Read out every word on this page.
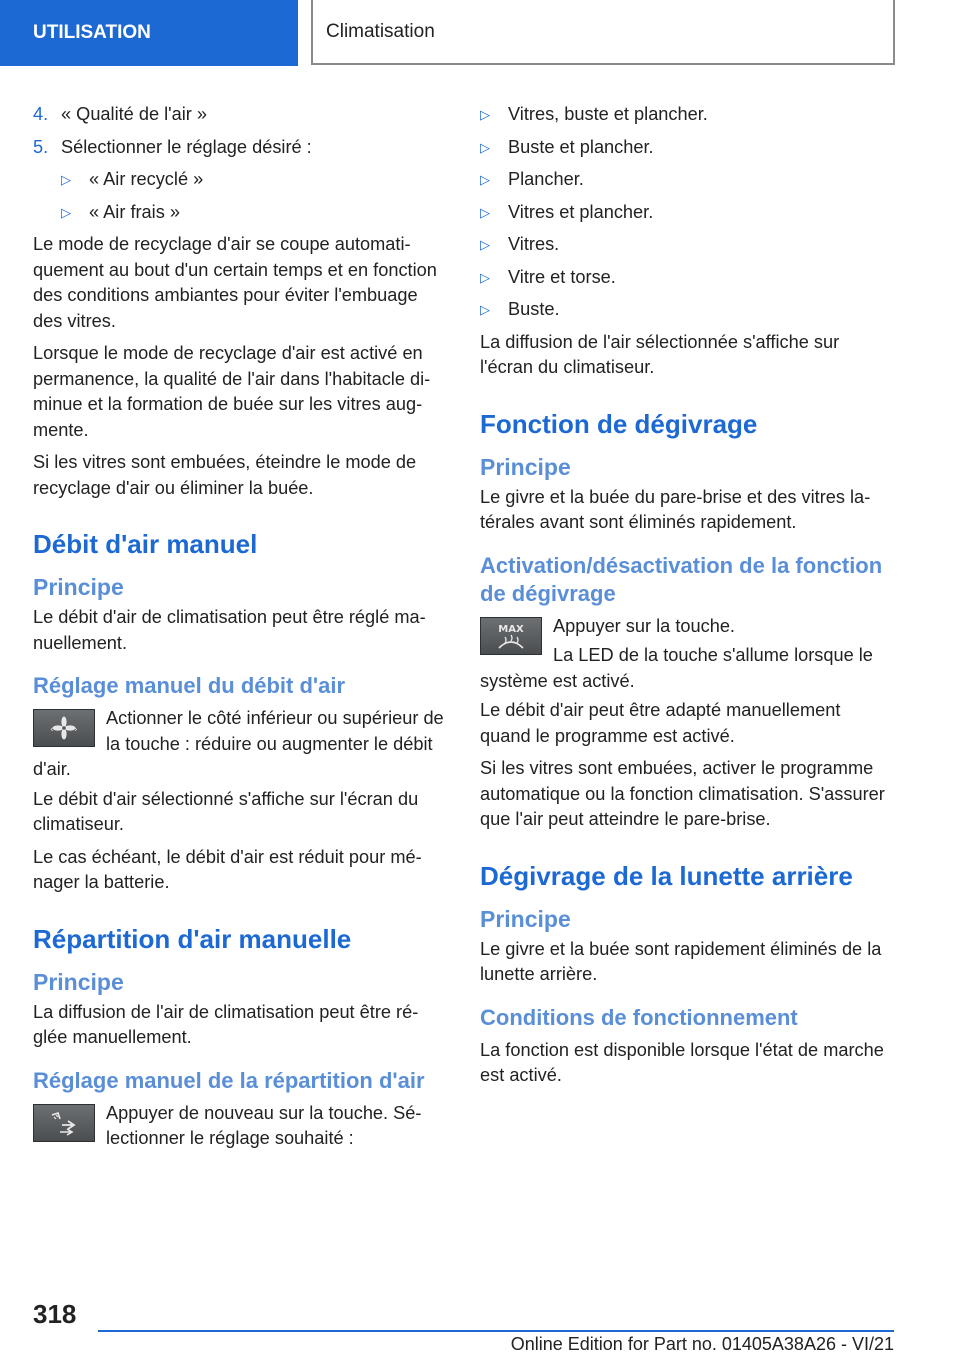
UTILISATION	Climatisation
4. « Qualité de l'air »
5. Sélectionner le réglage désiré :
▷ « Air recyclé »
▷ « Air frais »

Le mode de recyclage d'air se coupe automatiquement au bout d'un certain temps et en fonction des conditions ambiantes pour éviter l'embuage des vitres.

Lorsque le mode de recyclage d'air est activé en permanence, la qualité de l'air dans l'habitacle diminue et la formation de buée sur les vitres augmente.

Si les vitres sont embuées, éteindre le mode de recyclage d'air ou éliminer la buée.

Débit d'air manuel
Principe

Le débit d'air de climatisation peut être réglé manuellement.

Réglage manuel du débit d'air
‹ ›

Actionner le côté inférieur ou supérieur de la touche : réduire ou augmenter le débit d'air.

Le débit d'air sélectionné s'affiche sur l'écran du climatiseur.

Le cas échéant, le débit d'air est réduit pour ménager la batterie.

Répartition d'air manuelle
Principe

La diffusion de l'air de climatisation peut être réglée manuellement.

Réglage manuel de la répartition d'air

Appuyer de nouveau sur la touche. Sélectionner le réglage souhaité :

▷ Vitres, buste et plancher.
▷ Buste et plancher.
▷ Plancher.
▷ Vitres et plancher.
▷ Vitres.
▷ Vitre et torse.
▷ Buste.

La diffusion de l'air sélectionnée s'affiche sur l'écran du climatiseur.

Fonction de dégivrage
Principe

Le givre et la buée du pare-brise et des vitres latérales avant sont éliminés rapidement.

Activation/désactivation de la fonction de dégivrage
MAX	Appuyer sur la touche.

La LED de la touche s'allume lorsque le système est activé.

Le débit d'air peut être adapté manuellement quand le programme est activé.

Si les vitres sont embuées, activer le programme automatique ou la fonction climatisation. S'assurer que l'air peut atteindre le pare-brise.

Dégivrage de la lunette arrière
Principe

Le givre et la buée sont rapidement éliminés de la lunette arrière.

Conditions de fonctionnement

La fonction est disponible lorsque l'état de marche est activé.

318
Online Edition for Part no. 01405A38A26 - VI/21
